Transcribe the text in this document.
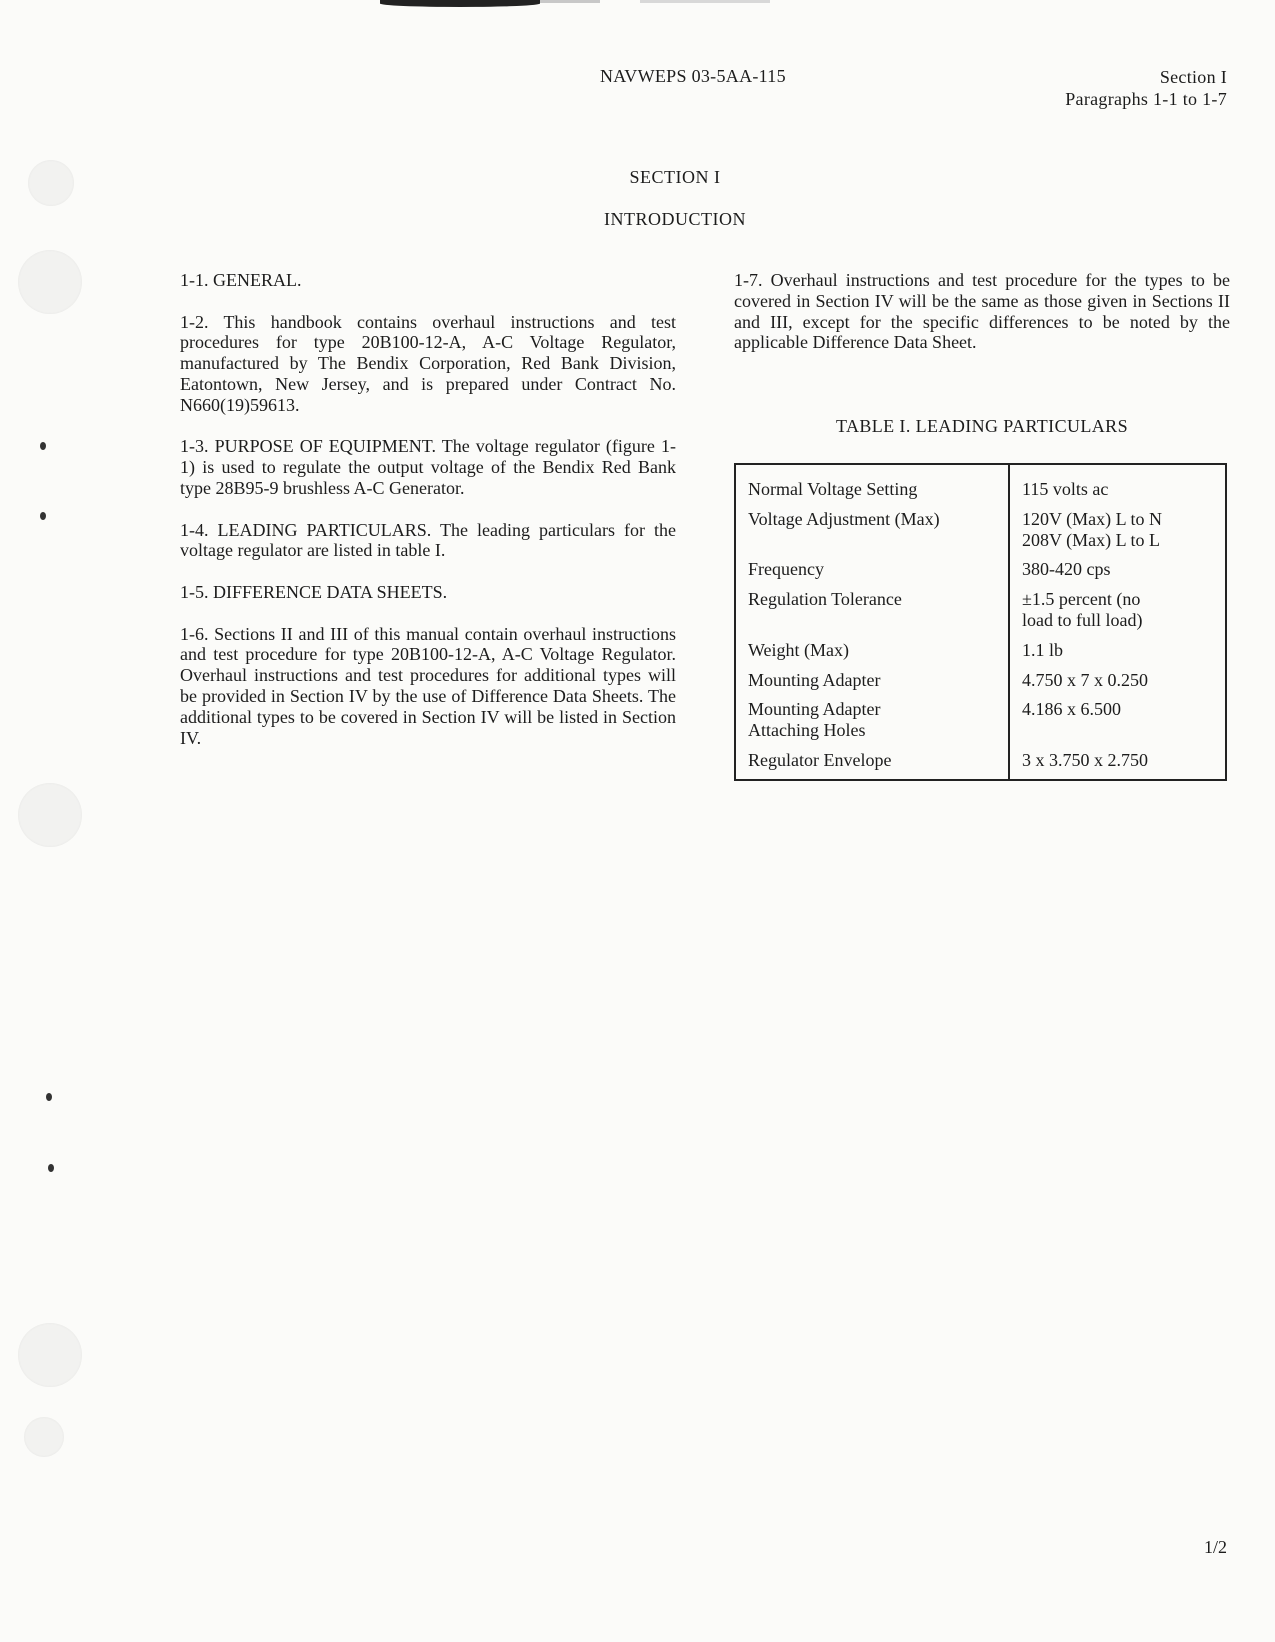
NAVWEPS 03-5AA-115	Section I
Paragraphs 1-1 to 1-7
SECTION I
INTRODUCTION

1-1. GENERAL.

1-2. This handbook contains overhaul instructions and test procedures for type 20B100-12-A, A-C Voltage Regulator, manufactured by The Bendix Corporation, Red Bank Division, Eatontown, New Jersey, and is prepared under Contract No. N660(19)59613.

1-3. PURPOSE OF EQUIPMENT. The voltage regulator (figure 1-1) is used to regulate the output voltage of the Bendix Red Bank type 28B95-9 brushless A-C Generator.

1-4. LEADING PARTICULARS. The leading particulars for the voltage regulator are listed in table I.

1-5. DIFFERENCE DATA SHEETS.

1-6. Sections II and III of this manual contain overhaul instructions and test procedure for type 20B100-12-A, A-C Voltage Regulator. Overhaul instructions and test procedures for additional types will be provided in Section IV by the use of Difference Data Sheets. The additional types to be covered in Section IV will be listed in Section IV.

1-7. Overhaul instructions and test procedure for the types to be covered in Section IV will be the same as those given in Sections II and III, except for the specific differences to be noted by the applicable Difference Data Sheet.

TABLE I. LEADING PARTICULARS
Normal Voltage Setting	115 volts ac
Voltage Adjustment (Max)	120V (Max) L to N
208V (Max) L to L

Frequency	380-420 cps
Regulation Tolerance	±1.5 percent (no
load to full load)

Weight (Max)	1.1 lb
Mounting Adapter	4.750 x 7 x 0.250

Mounting Adapter
Attaching Holes	4.186 x 6.500
Regulator Envelope	3 x 3.750 x 2.750
1/2
